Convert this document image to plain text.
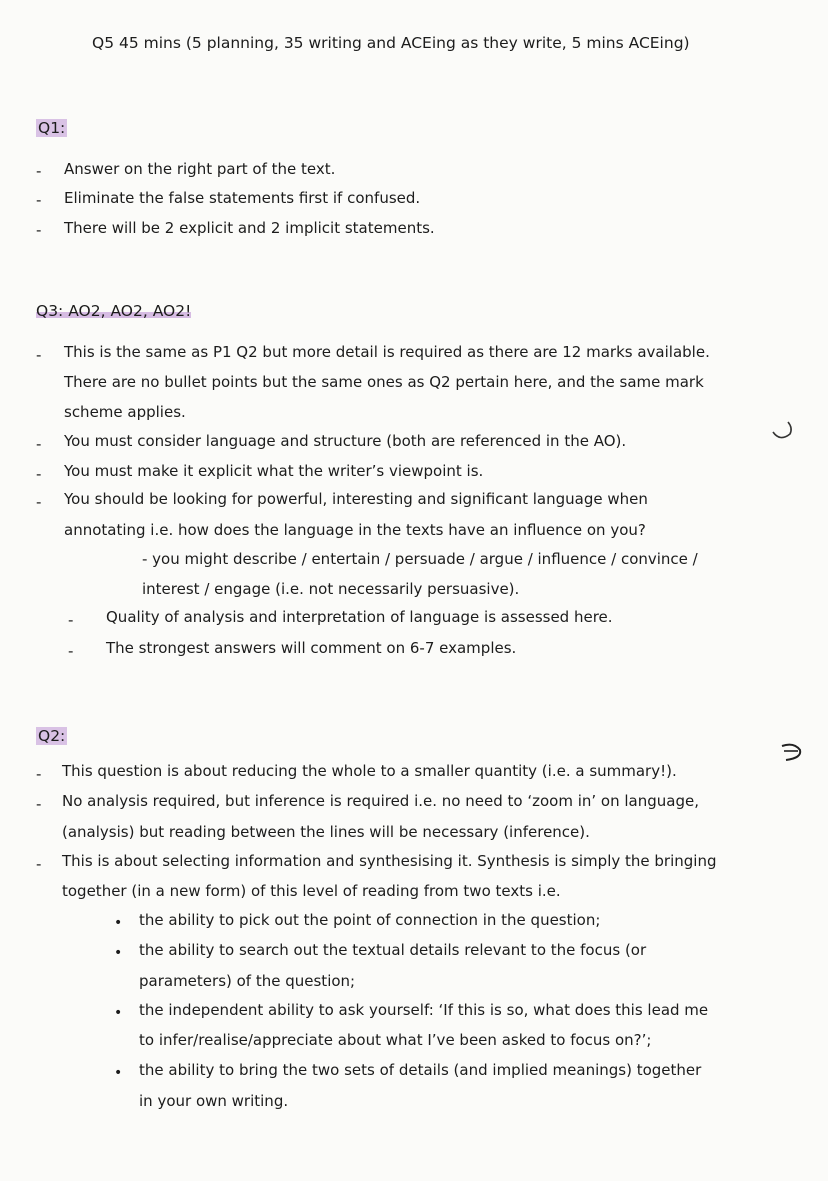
Q5 45 mins (5 planning, 35 writing and ACEing as they write, 5 mins ACEing)
Q1:
- Answer on the right part of the text.
- Eliminate the false statements first if confused.
- There will be 2 explicit and 2 implicit statements.
Q3: AO2, AO2, AO2!
- This is the same as P1 Q2 but more detail is required as there are 12 marks available.
There are no bullet points but the same ones as Q2 pertain here, and the same mark
scheme applies.
- You must consider language and structure (both are referenced in the AO).
- You must make it explicit what the writer’s viewpoint is.
- You should be looking for powerful, interesting and significant language when
annotating i.e. how does the language in the texts have an influence on you?
- you might describe / entertain / persuade / argue / influence / convince /
interest / engage (i.e. not necessarily persuasive).
- Quality of analysis and interpretation of language is assessed here.
- The strongest answers will comment on 6-7 examples.
Q2:
- This question is about reducing the whole to a smaller quantity (i.e. a summary!).
- No analysis required, but inference is required i.e. no need to ‘zoom in’ on language,
(analysis) but reading between the lines will be necessary (inference).
- This is about selecting information and synthesising it. Synthesis is simply the bringing
together (in a new form) of this level of reading from two texts i.e.
• the ability to pick out the point of connection in the question;
• the ability to search out the textual details relevant to the focus (or
parameters) of the question;
• the independent ability to ask yourself: ‘If this is so, what does this lead me
to infer/realise/appreciate about what I’ve been asked to focus on?’;
• the ability to bring the two sets of details (and implied meanings) together
in your own writing.
